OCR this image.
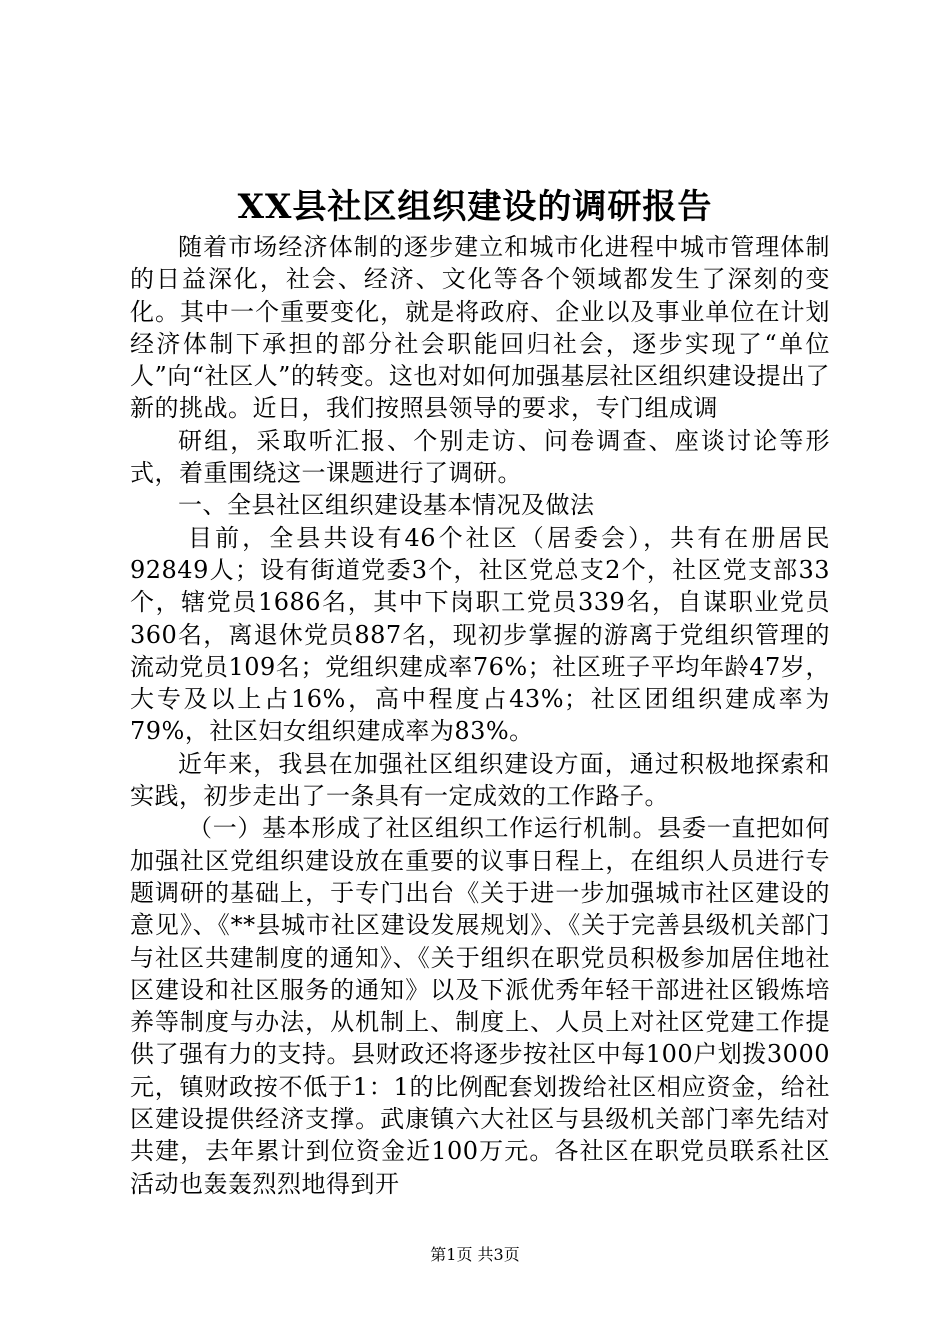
XX县社区组织建设的调研报告

随着市场经济体制的逐步建立和城市化进程中城市管理体制的日益深化，社会、经济、文化等各个领域都发生了深刻的变化。其中一个重要变化，就是将政府、企业以及事业单位在计划经济体制下承担的部分社会职能回归社会，逐步实现了“单位人”向“社区人”的转变。这也对如何加强基层社区组织建设提出了新的挑战。近日，我们按照县领导的要求，专门组成调

研组，采取听汇报、个别走访、问卷调查、座谈讨论等形式，着重围绕这一课题进行了调研。

一、全县社区组织建设基本情况及做法

目前，全县共设有46个社区（居委会），共有在册居民92849人；设有街道党委3个，社区党总支2个，社区党支部33个，辖党员1686名，其中下岗职工党员339名，自谋职业党员360名，离退休党员887名，现初步掌握的游离于党组织管理的流动党员109名；党组织建成率76%；社区班子平均年龄47岁，大专及以上占16%，高中程度占43%；社区团组织建成率为79%，社区妇女组织建成率为83%。

近年来，我县在加强社区组织建设方面，通过积极地探索和实践，初步走出了一条具有一定成效的工作路子。

（一）基本形成了社区组织工作运行机制。县委一直把如何加强社区党组织建设放在重要的议事日程上，在组织人员进行专题调研的基础上，于专门出台《关于进一步加强城市社区建设的意见》、《**县城市社区建设发展规划》、《关于完善县级机关部门与社区共建制度的通知》、《关于组织在职党员积极参加居住地社区建设和社区服务的通知》以及下派优秀年轻干部进社区锻炼培养等制度与办法，从机制上、制度上、人员上对社区党建工作提供了强有力的支持。县财政还将逐步按社区中每100户划拨3000元，镇财政按不低于1：1的比例配套划拨给社区相应资金，给社区建设提供经济支撑。武康镇六大社区与县级机关部门率先结对共建，去年累计到位资金近100万元。各社区在职党员联系社区活动也轰轰烈烈地得到开

第1页 共3页
